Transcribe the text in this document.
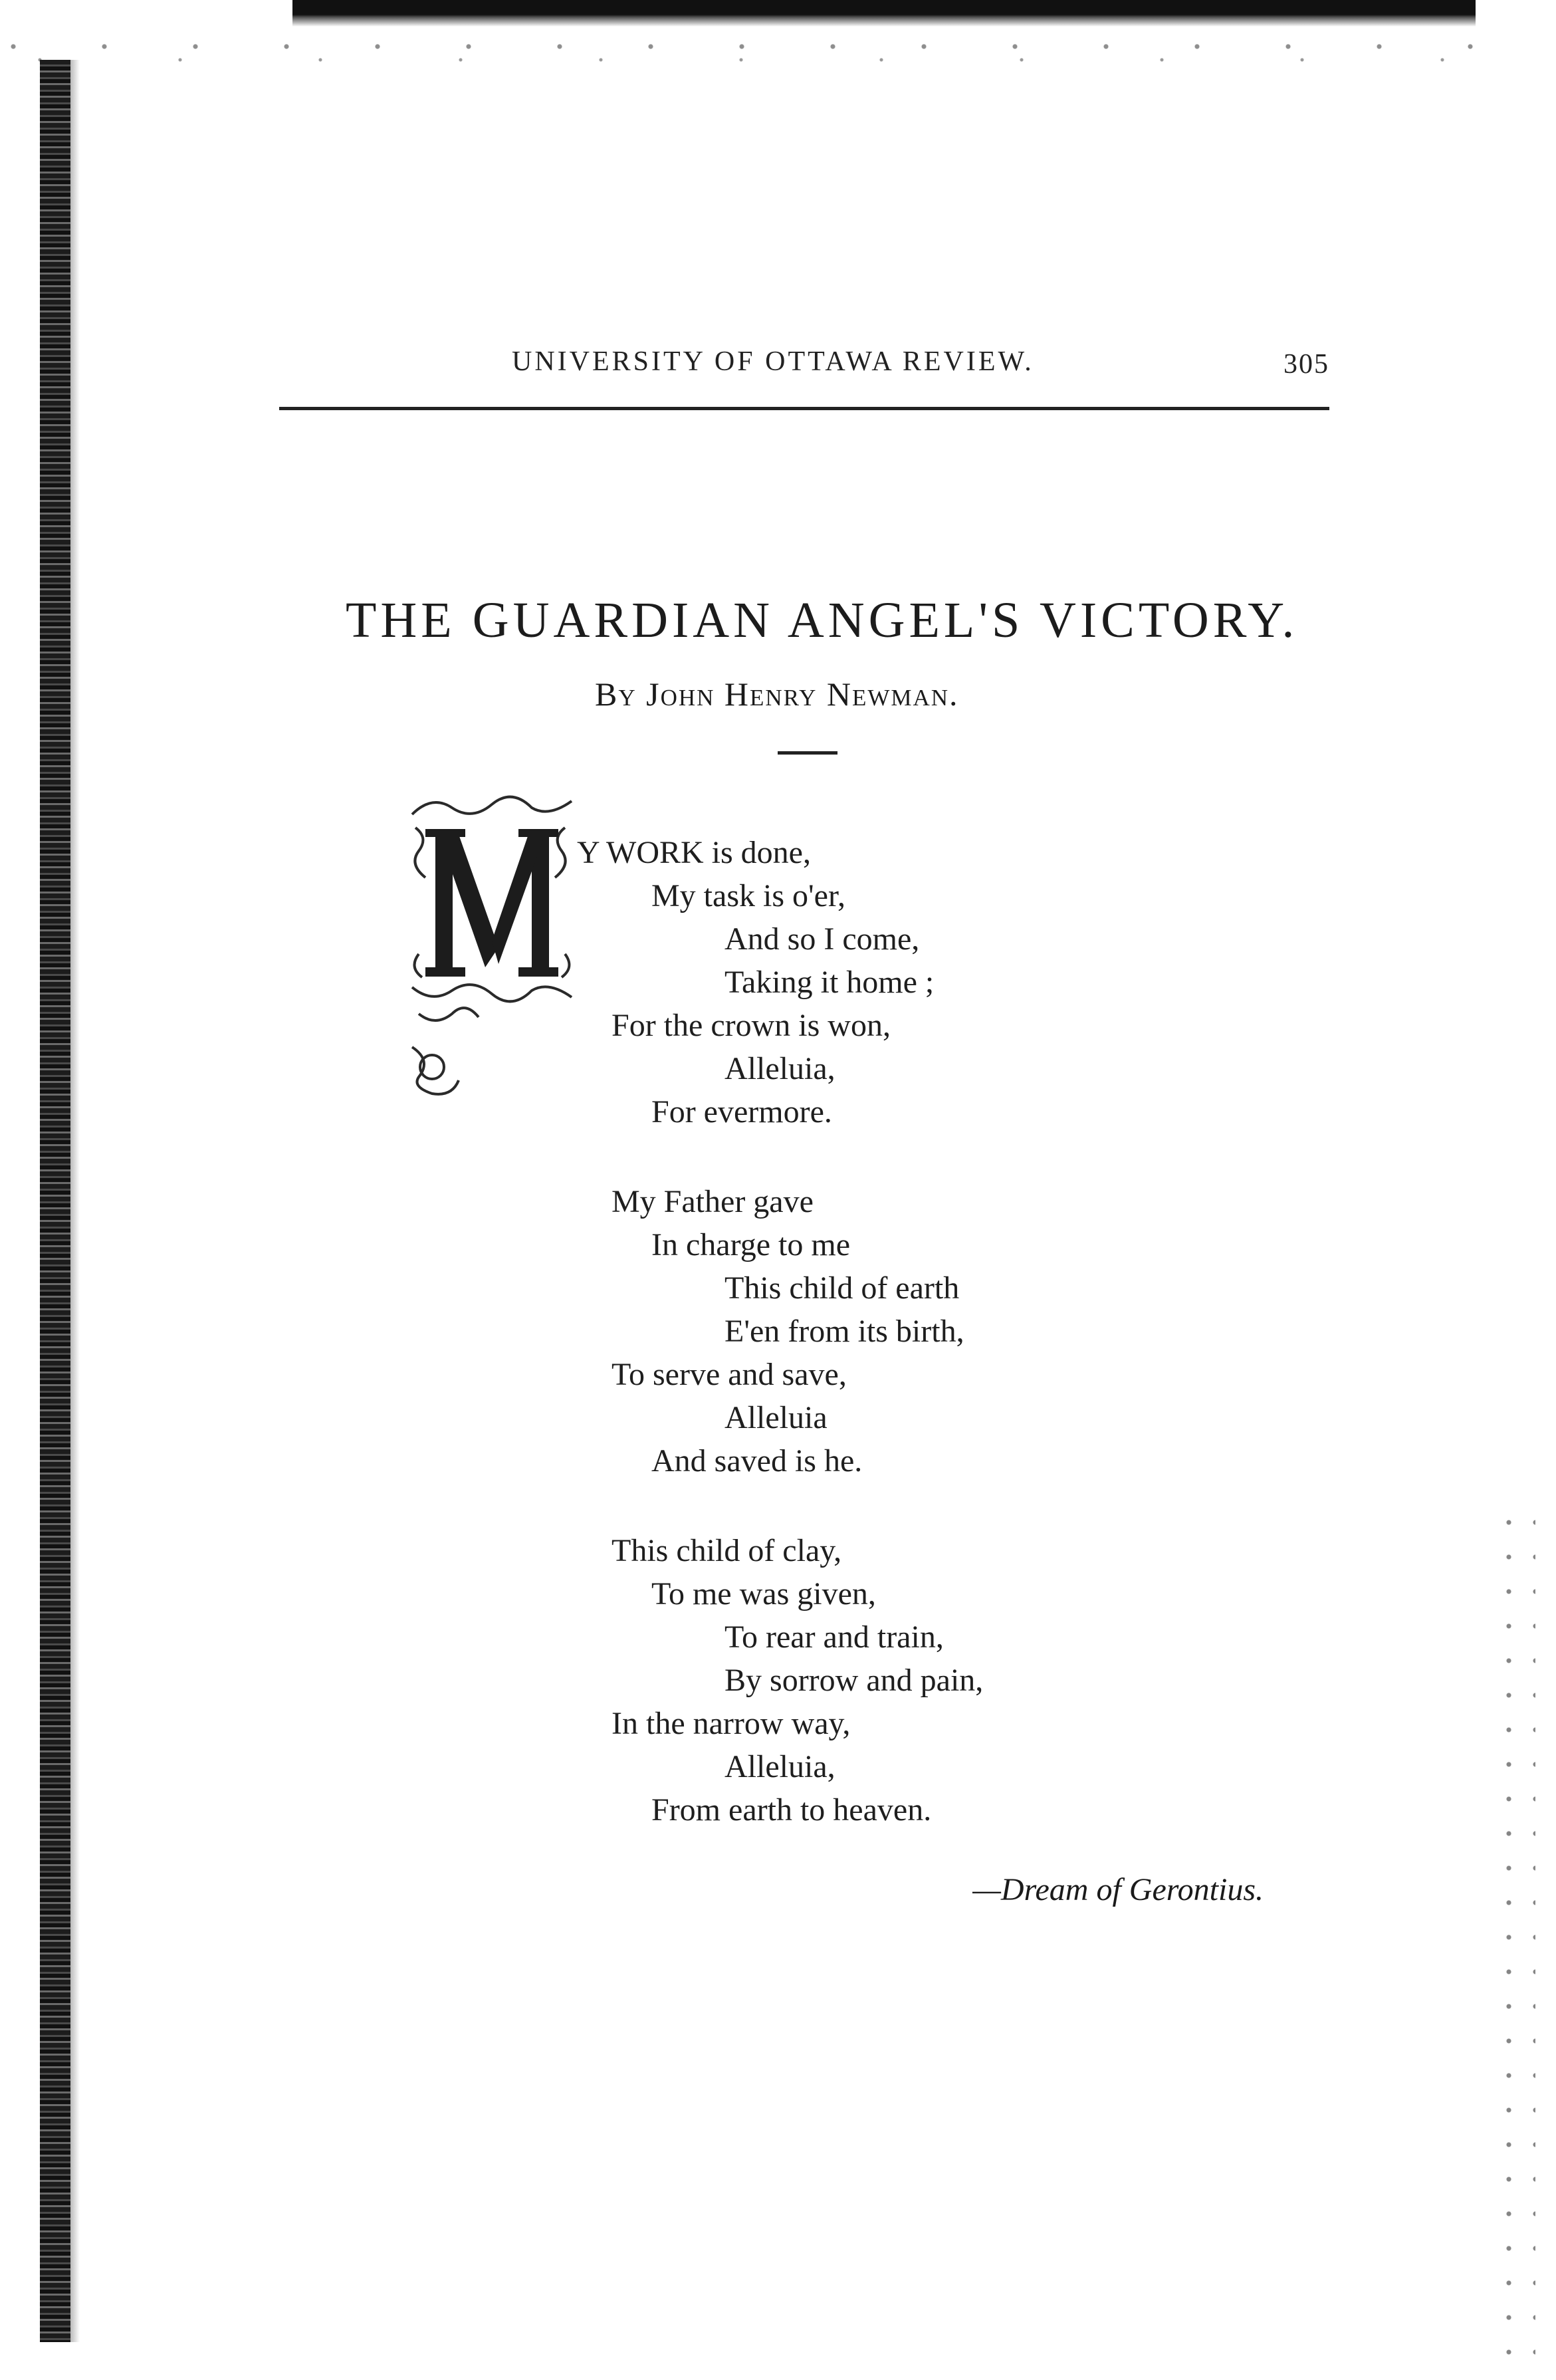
UNIVERSITY OF OTTAWA REVIEW.	305
THE GUARDIAN ANGEL'S VICTORY.
By John Henry Newman.
M
Y WORK is done,
My task is o'er,
And so I come,
Taking it home ;
For the crown is won,
Alleluia,
For evermore.
My Father gave
In charge to me
This child of earth
E'en from its birth,
To serve and save,
Alleluia
And saved is he.
This child of clay,
To me was given,
To rear and train,
By sorrow and pain,
In the narrow way,
Alleluia,
From earth to heaven.
—Dream of Gerontius.
